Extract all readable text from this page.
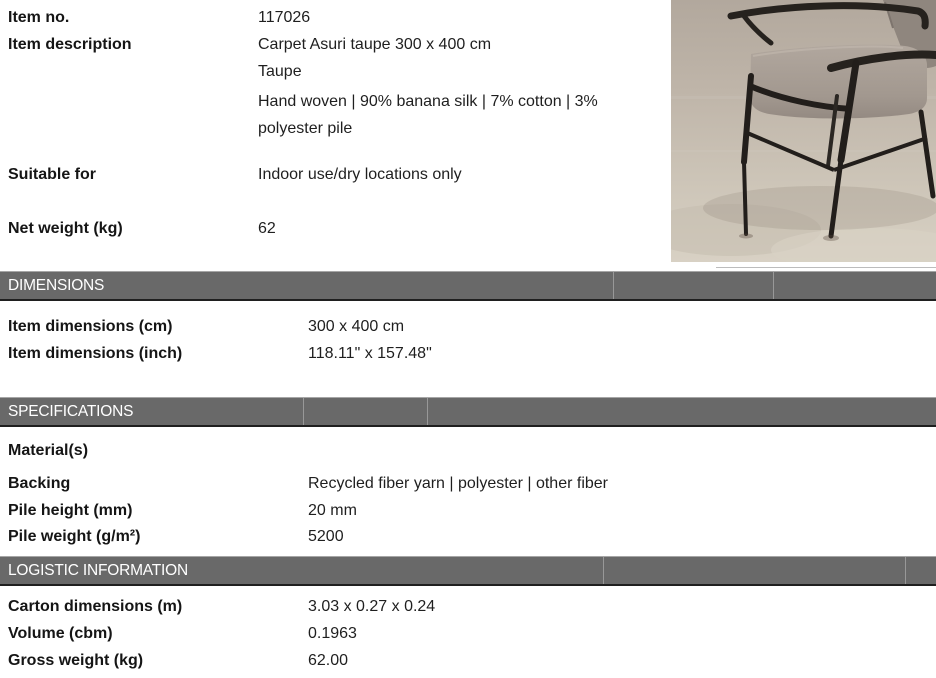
Item no.	117026
Item description	Carpet Asuri taupe 300 x 400 cm
Taupe
Hand woven | 90% banana silk | 7% cotton | 3% polyester pile
Suitable for	Indoor use/dry locations only
Net weight (kg)	62
DIMENSIONS
Item dimensions (cm)	300 x 400 cm
Item dimensions (inch)	118.11" x 157.48"
SPECIFICATIONS
Material(s)
Backing	Recycled fiber yarn | polyester | other fiber
Pile height (mm)	20 mm
Pile weight (g/m²)	5200
LOGISTIC INFORMATION
Carton dimensions (m)	3.03 x 0.27 x 0.24
Volume (cbm)	0.1963
Gross weight (kg)	62.00
